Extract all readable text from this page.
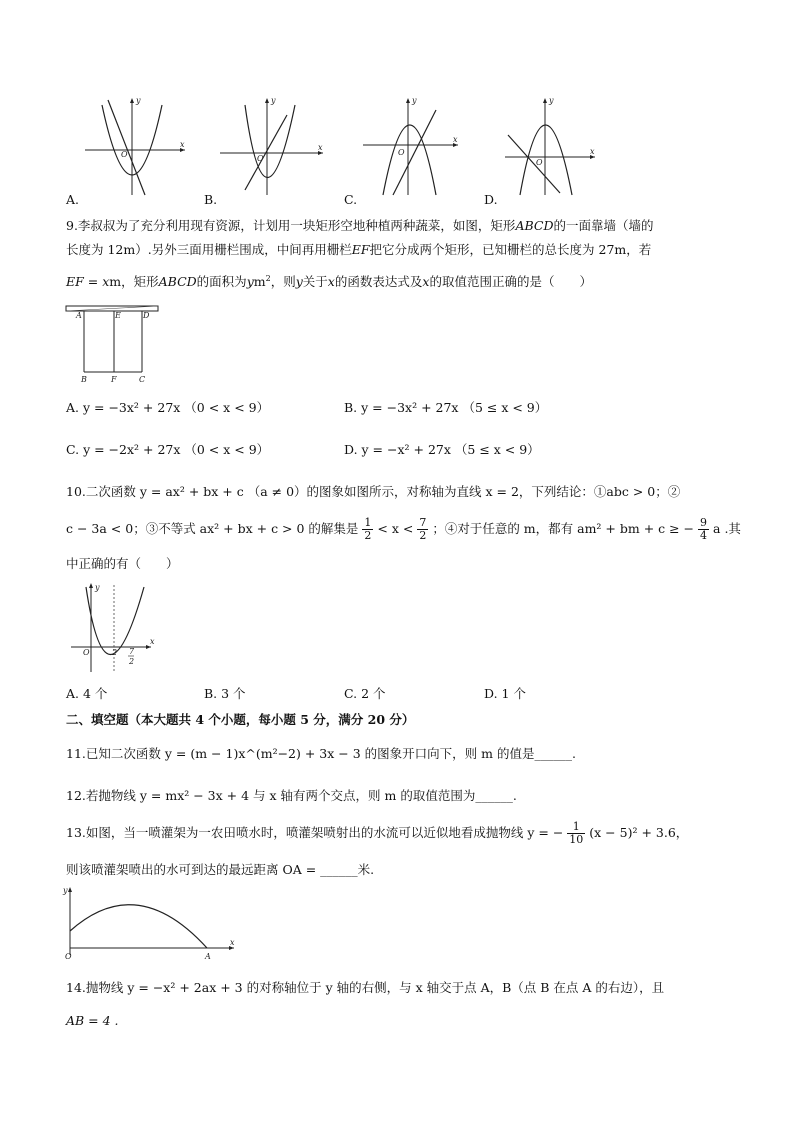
O
x
y
O
x
y
O
x
y
O
x
y
A.	B.	C.	D.
9.李叔叔为了充分利用现有资源，计划用一块矩形空地种植两种蔬菜，如图，矩形ABCD的一面靠墙（墙的
长度为 12m）.另外三面用栅栏围成，中间再用栅栏EF把它分成两个矩形，已知栅栏的总长度为 27m，若
EF = xm，矩形ABCD的面积为$ym^2$，则y关于x的函数表达式及x的取值范围正确的是（　　）
A	E	D
B	F	C
A. y = −3x² + 27x （0 < x < 9）	B. y = −3x² + 27x （5 ≤ x < 9）
C. y = −2x² + 27x （0 < x < 9）	D. y = −x² + 27x （5 ≤ x < 9）
10.二次函数 y = ax² + bx + c （a ≠ 0）的图象如图所示，对称轴为直线 x = 2，下列结论：①abc > 0；②
c − 3a < 0；③不等式 ax² + bx + c > 0 的解集是 $\frac{1}{2} < x < \frac{7}{2}$ ；④对于任意的 m，都有 am² + bm + c ≥ − $\frac{9}{4}$ a .其
中正确的有（　　）
O	2 7
2
x
y
A. 4 个	B. 3 个	C. 2 个	D. 1 个
二、填空题（本大题共 4 个小题，每小题 5 分，满分 20 分）
11.已知二次函数 y = (m − 1)x^(m²−2) + 3x − 3 的图象开口向下，则 m 的值是______.
12.若抛物线 y = mx² − 3x + 4 与 x 轴有两个交点，则 m 的取值范围为______.
13.如图，当一喷灌架为一农田喷水时，喷灌架喷射出的水流可以近似地看成抛物线 y = − $\frac{1}{10} (x - 5)^2 + 3.6$，
则该喷灌架喷出的水可到达的最远距离 OA = ______米.
O	A
x
y
14.抛物线 y = −x² + 2ax + 3 的对称轴位于 y 轴的右侧，与 x 轴交于点 A，B（点 B 在点 A 的右边），且
AB = 4 .
